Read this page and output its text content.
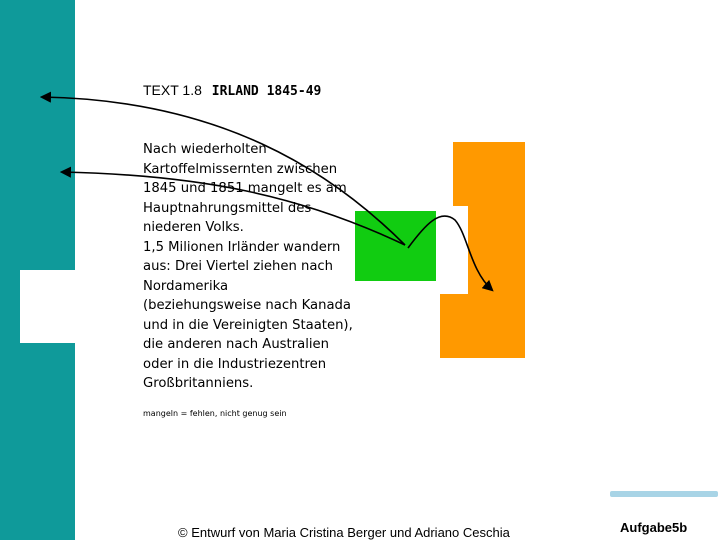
TEXT 1.8 IRLAND 1845-49

Nach wiederholten

Kartoffelmissernten zwischen

1845 und 1851 mangelt es am

Hauptnahrungsmittel des

niederen Volks.

1,5 Milionen Irländer wandern

aus: Drei Viertel ziehen nach

Nordamerika

(beziehungsweise nach Kanada

und in die Vereinigten Staaten),

die anderen nach Australien

oder in die Industriezentren

Großbritanniens.

mangeln = fehlen, nicht genug sein
© Entwurf von Maria Cristina Berger und Adriano Ceschia	Aufgabe5b
